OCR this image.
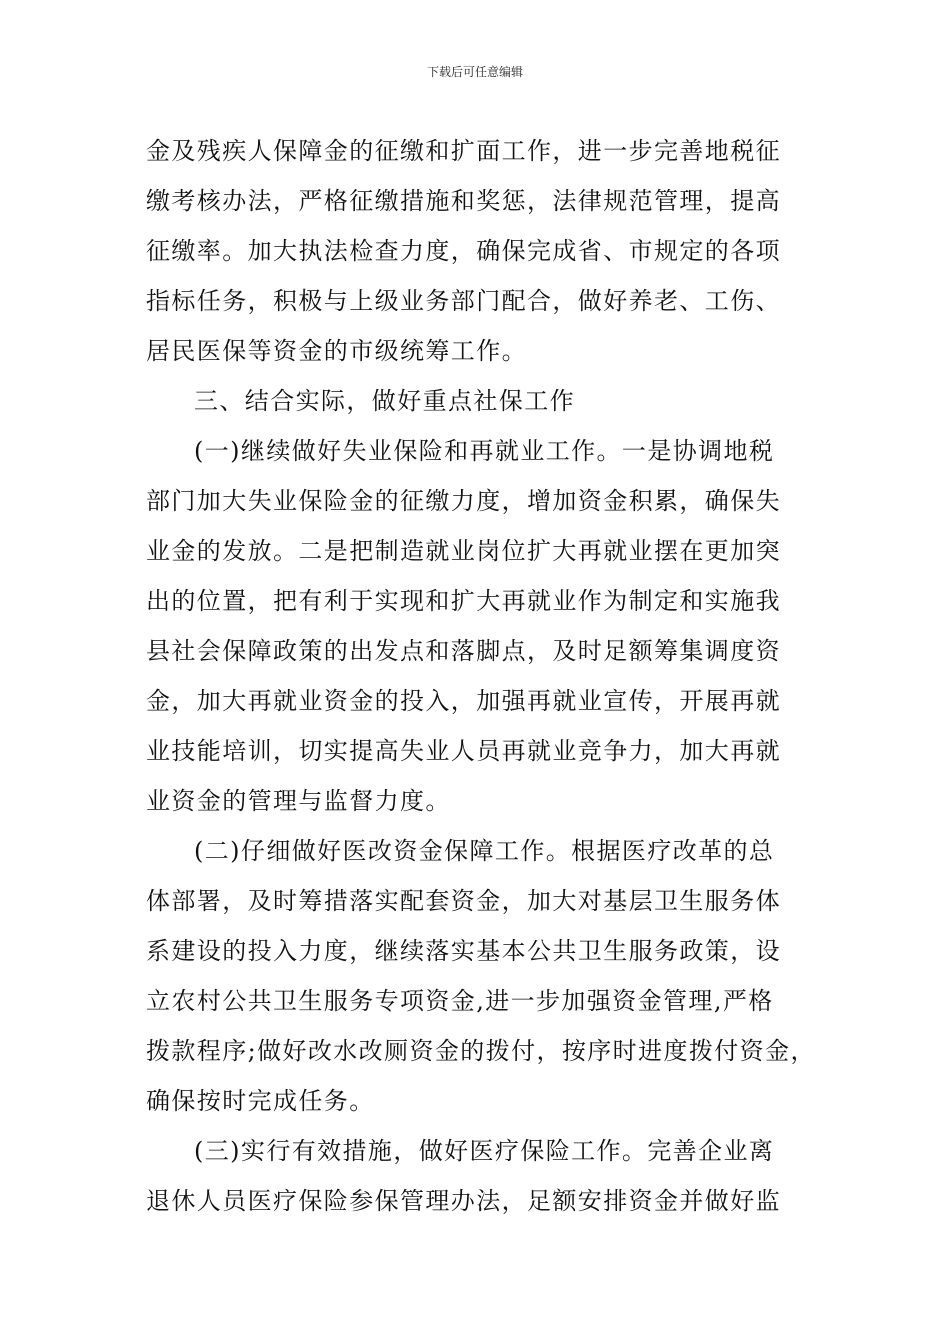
下载后可任意编辑
金及残疾人保障金的征缴和扩面工作，进一步完善地税征
缴考核办法，严格征缴措施和奖惩，法律规范管理，提高
征缴率。加大执法检查力度，确保完成省、市规定的各项
指标任务，积极与上级业务部门配合，做好养老、工伤、
居民医保等资金的市级统筹工作。
三、结合实际，做好重点社保工作
(一)继续做好失业保险和再就业工作。一是协调地税
部门加大失业保险金的征缴力度，增加资金积累，确保失
业金的发放。二是把制造就业岗位扩大再就业摆在更加突
出的位置，把有利于实现和扩大再就业作为制定和实施我
县社会保障政策的出发点和落脚点，及时足额筹集调度资
金，加大再就业资金的投入，加强再就业宣传，开展再就
业技能培训，切实提高失业人员再就业竞争力，加大再就
业资金的管理与监督力度。
(二)仔细做好医改资金保障工作。根据医疗改革的总
体部署，及时筹措落实配套资金，加大对基层卫生服务体
系建设的投入力度，继续落实基本公共卫生服务政策，设
立农村公共卫生服务专项资金,进一步加强资金管理,严格
拨款程序;做好改水改厕资金的拨付，按序时进度拨付资金，
确保按时完成任务。
(三)实行有效措施，做好医疗保险工作。完善企业离
退休人员医疗保险参保管理办法，足额安排资金并做好监
